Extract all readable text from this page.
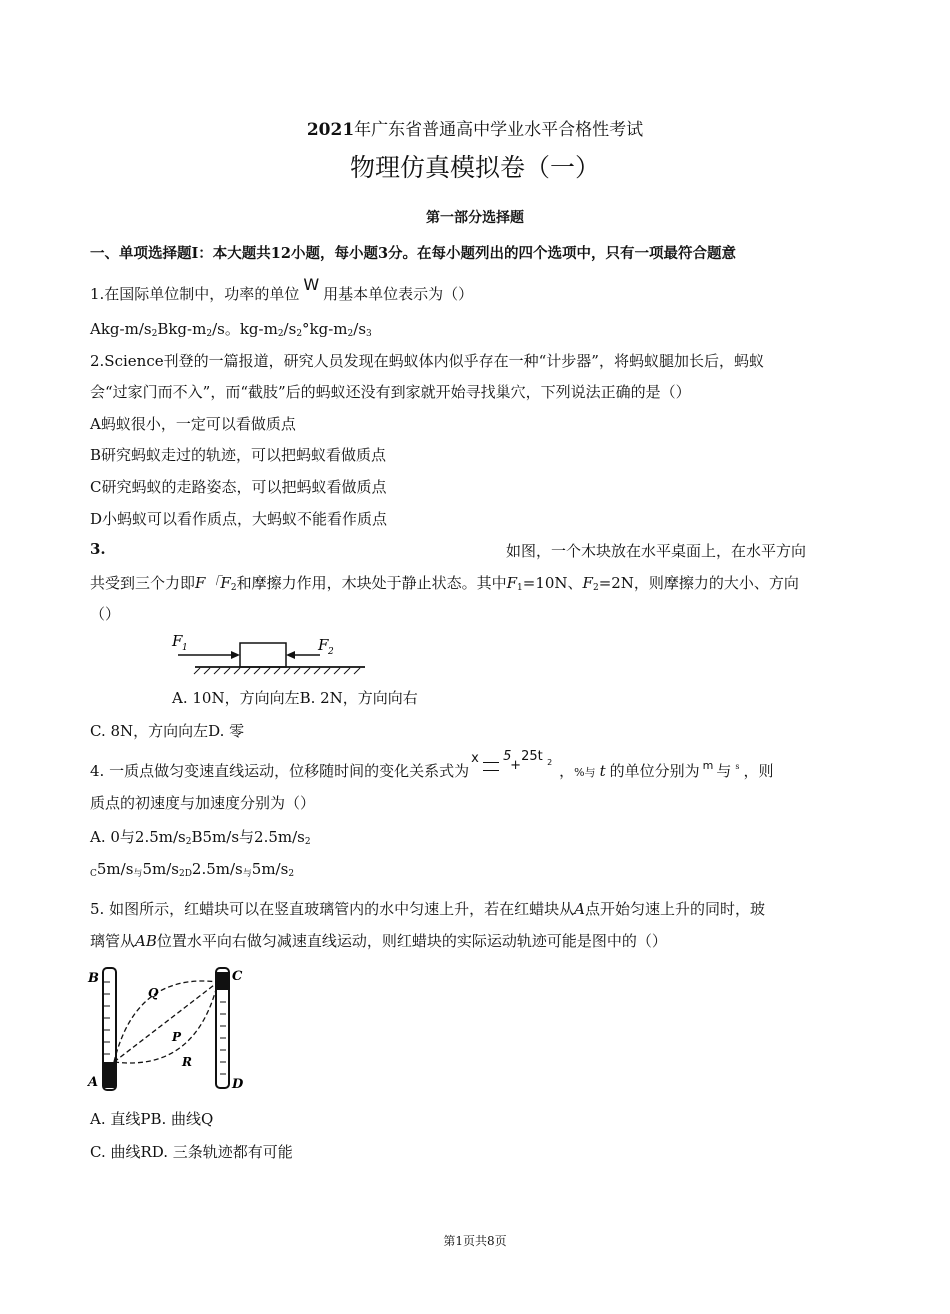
2021年广东省普通高中学业水平合格性考试
物理仿真模拟卷（一）
第一部分选择题
一、单项选择题Ⅰ：本大题共12小题，每小题3分。在每小题列出的四个选项中，只有一项最符合题意
1.在国际单位制中，功率的单位 W 用基本单位表示为（）
Akg-$m/s_2Bkg-m_2/s$。$kg-m_2/s_2^\circ kg-m_2/s_3$
2.Science刊登的一篇报道，研究人员发现在蚂蚁体内似乎存在一种“计步器”，将蚂蚁腿加长后，蚂蚁
会“过家门而不入”，而“截肢”后的蚂蚁还没有到家就开始寻找巢穴，下列说法正确的是（）
A蚂蚁很小，一定可以看做质点
B研究蚂蚁走过的轨迹，可以把蚂蚁看做质点
C研究蚂蚁的走路姿态，可以把蚂蚁看做质点
D小蚂蚁可以看作质点，大蚂蚁不能看作质点
3.	如图，一个木块放在水平桌面上，在水平方向
共受到三个力即F「$F_2$和摩擦力作用，木块处于静止状态。其中$F_1=10N$、$F_2=2N$，则摩擦力的大小、方向
（）
F 1	F 2
A. 10N，方向向左B. 2N，方向向右
C. 8N，方向向左D. 零
4. 一质点做匀变速直线运动，位移随时间的变化关系式为
x 5
+
25t 2 ，%与 t 的单位分别为 $^m$ 与 $^s$ ，则
质点的初速度与加速度分别为（）
A. 0与$2.5m/s_2B5m/s$与$2.5m/s_2$
$_C5m/s_与5m/s_{2D}2.5m/s_与5m/s_2$
5. 如图所示，红蜡块可以在竖直玻璃管内的水中匀速上升，若在红蜡块从A点开始匀速上升的同时，玻
璃管从AB位置水平向右做匀减速直线运动，则红蜡块的实际运动轨迹可能是图中的（）
B	C
A	D
Q
P
R
A. 直线PB. 曲线Q
C. 曲线RD. 三条轨迹都有可能
第1页共8页
